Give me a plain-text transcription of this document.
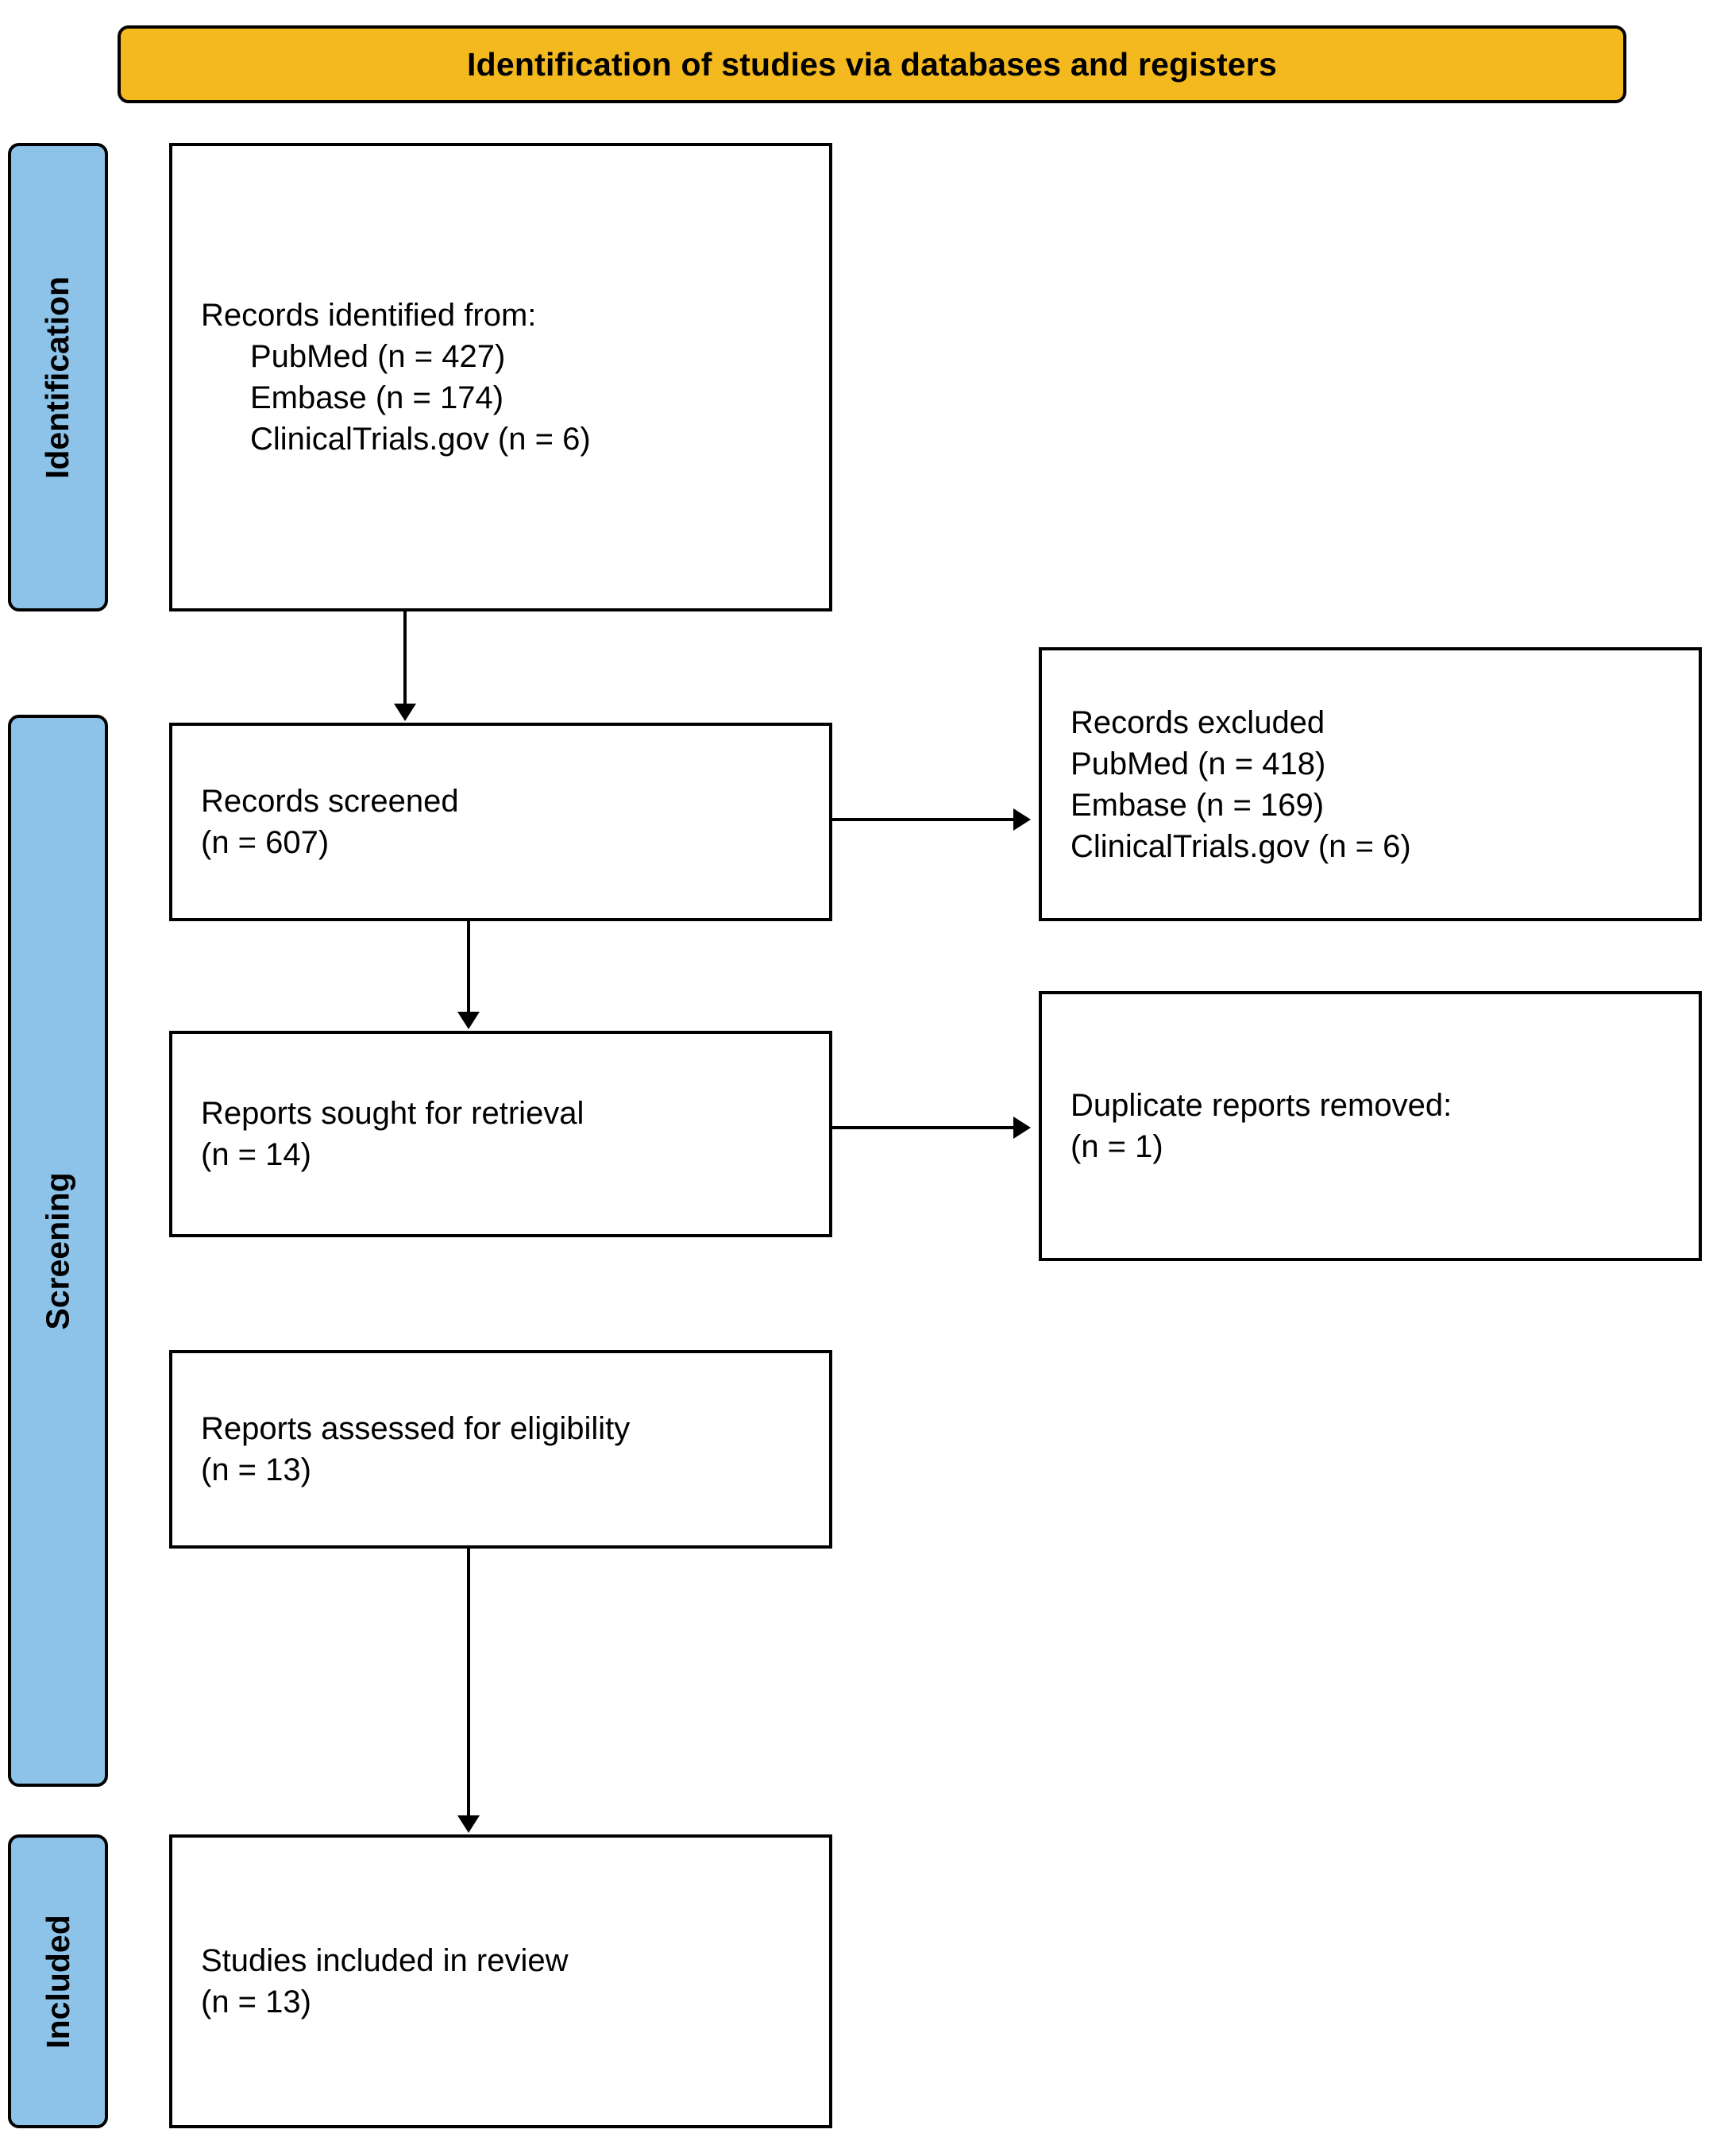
Identification of studies via databases and registers
Identification
Screening
Included
Records identified from:
PubMed (n = 427)
Embase (n = 174)
ClinicalTrials.gov (n = 6)
Records screened
(n = 607)
Records excluded
PubMed (n = 418)
Embase (n = 169)
ClinicalTrials.gov (n = 6)
Reports sought for retrieval
(n = 14)
Duplicate reports removed:
(n = 1)
Reports assessed for eligibility
(n = 13)
Studies included in review
(n = 13)
